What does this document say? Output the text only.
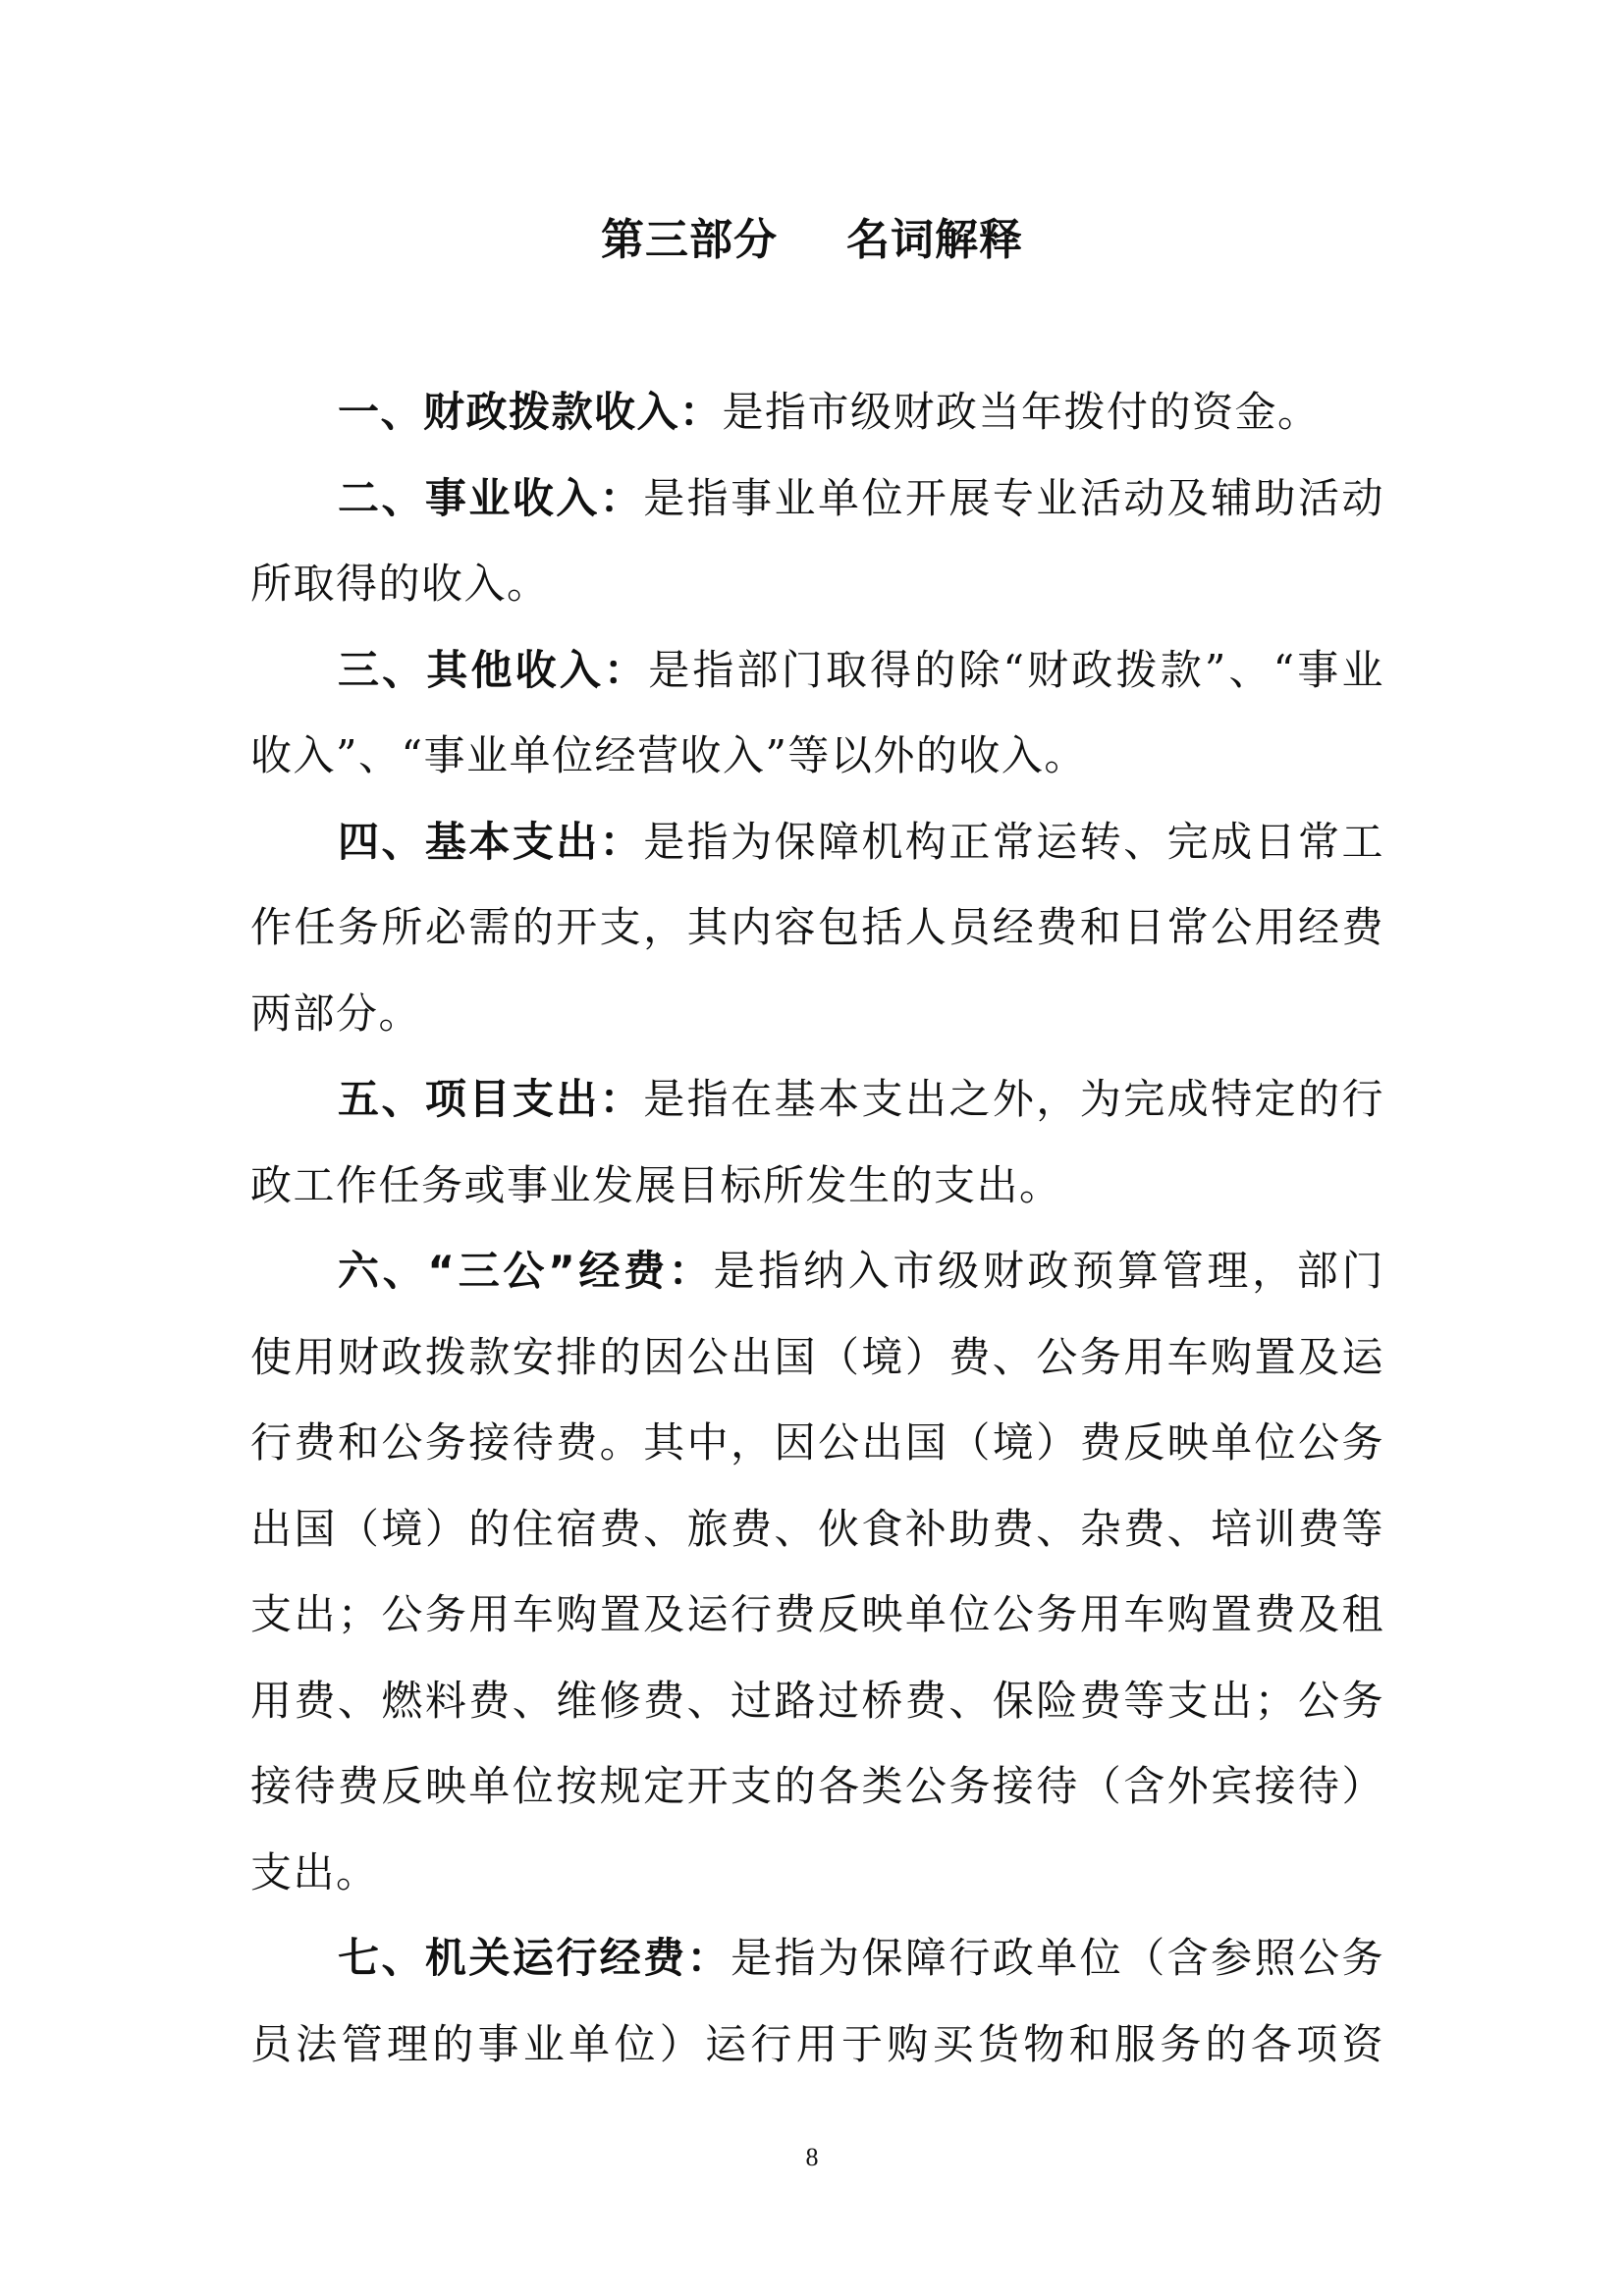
第三部分 名词解释
一、财政拨款收入：是指市级财政当年拨付的资金。
二、事业收入：是指事业单位开展专业活动及辅助活动
所取得的收入。
三、其他收入：是指部门取得的除“财政拨款”、“事业
收入”、“事业单位经营收入”等以外的收入。
四、基本支出：是指为保障机构正常运转、完成日常工
作任务所必需的开支，其内容包括人员经费和日常公用经费
两部分。
五、项目支出：是指在基本支出之外，为完成特定的行
政工作任务或事业发展目标所发生的支出。
六、“三公”经费：是指纳入市级财政预算管理，部门
使用财政拨款安排的因公出国（境）费、公务用车购置及运
行费和公务接待费。其中，因公出国（境）费反映单位公务
出国（境）的住宿费、旅费、伙食补助费、杂费、培训费等
支出；公务用车购置及运行费反映单位公务用车购置费及租
用费、燃料费、维修费、过路过桥费、保险费等支出；公务
接待费反映单位按规定开支的各类公务接待（含外宾接待）
支出。
七、机关运行经费：是指为保障行政单位（含参照公务
员法管理的事业单位）运行用于购买货物和服务的各项资
8
